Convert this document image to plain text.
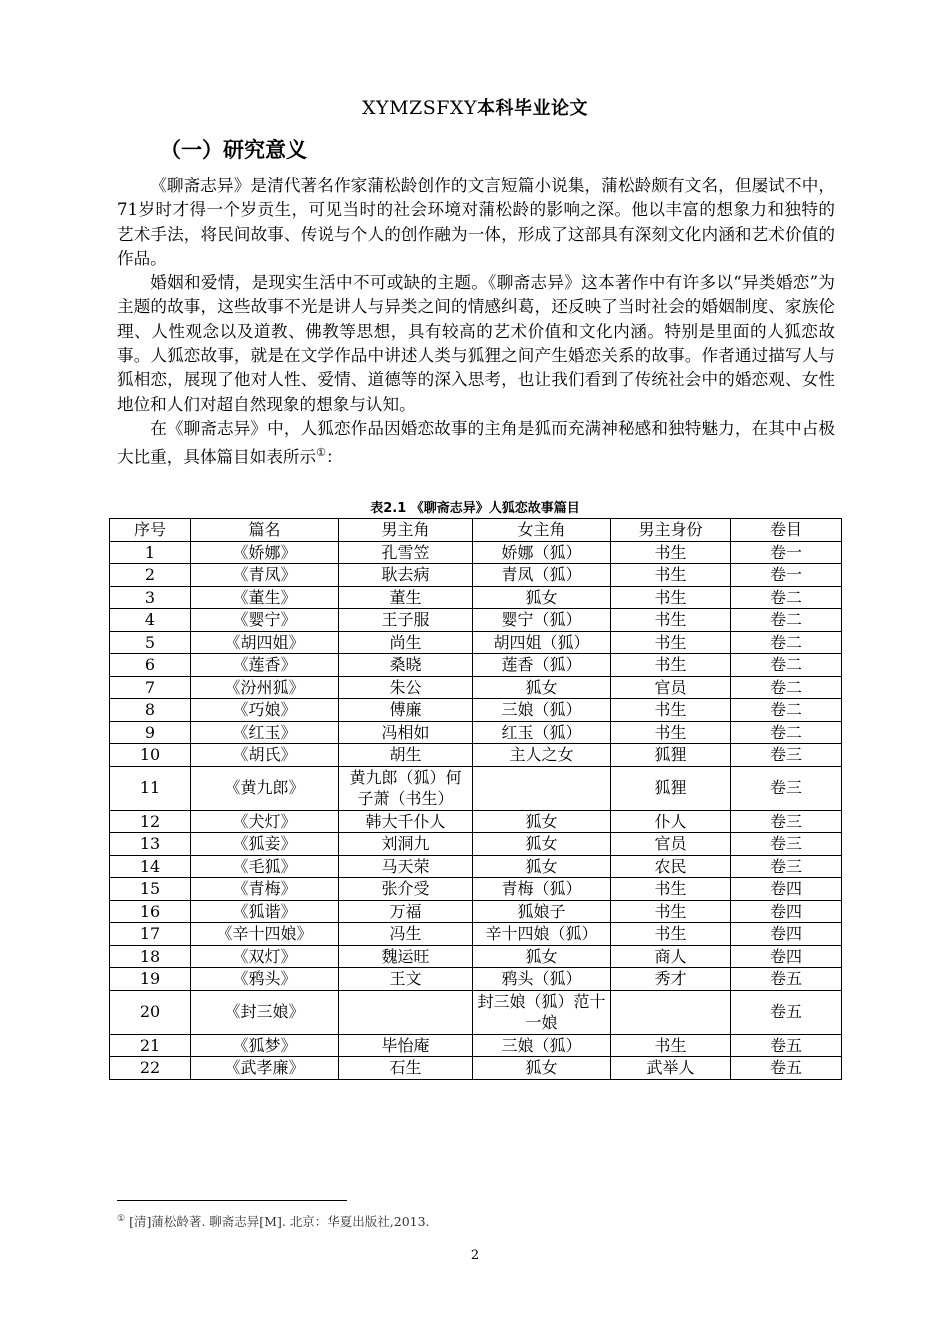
XYMZSFXY本科毕业论文
（一）研究意义

《聊斋志异》是清代著名作家蒲松龄创作的文言短篇小说集，蒲松龄颇有文名，但屡试不中，71岁时才得一个岁贡生，可见当时的社会环境对蒲松龄的影响之深。他以丰富的想象力和独特的艺术手法，将民间故事、传说与个人的创作融为一体，形成了这部具有深刻文化内涵和艺术价值的作品。

婚姻和爱情，是现实生活中不可或缺的主题。《聊斋志异》这本著作中有许多以“异类婚恋”为主题的故事，这些故事不光是讲人与异类之间的情感纠葛，还反映了当时社会的婚姻制度、家族伦理、人性观念以及道教、佛教等思想，具有较高的艺术价值和文化内涵。特别是里面的人狐恋故事。人狐恋故事，就是在文学作品中讲述人类与狐狸之间产生婚恋关系的故事。作者通过描写人与狐相恋，展现了他对人性、爱情、道德等的深入思考，也让我们看到了传统社会中的婚恋观、女性地位和人们对超自然现象的想象与认知。

在《聊斋志异》中，人狐恋作品因婚恋故事的主角是狐而充满神秘感和独特魅力，在其中占极大比重，具体篇目如表所示①：

表2.1 《聊斋志异》人狐恋故事篇目
序号	篇名	男主角	女主角	男主身份	卷目
1	《娇娜》	孔雪笠	娇娜（狐）	书生	卷一
2	《青凤》	耿去病	青凤（狐）	书生	卷一
3	《董生》	董生	狐女	书生	卷二
4	《婴宁》	王子服	婴宁（狐）	书生	卷二
5	《胡四姐》	尚生	胡四姐（狐）	书生	卷二
6	《莲香》	桑晓	莲香（狐）	书生	卷二
7	《汾州狐》	朱公	狐女	官员	卷二
8	《巧娘》	傅廉	三娘（狐）	书生	卷二
9	《红玉》	冯相如	红玉（狐）	书生	卷二
10	《胡氏》	胡生	主人之女	狐狸	卷三
11	《黄九郎》	黄九郎（狐）何子萧（书生）		狐狸	卷三
12	《犬灯》	韩大千仆人	狐女	仆人	卷三
13	《狐妾》	刘洞九	狐女	官员	卷三
14	《毛狐》	马天荣	狐女	农民	卷三
15	《青梅》	张介受	青梅（狐）	书生	卷四
16	《狐谐》	万福	狐娘子	书生	卷四
17	《辛十四娘》	冯生	辛十四娘（狐）	书生	卷四
18	《双灯》	魏运旺	狐女	商人	卷四
19	《鸦头》	王文	鸦头（狐）	秀才	卷五
20	《封三娘》		封三娘（狐）范十一娘		卷五
21	《狐梦》	毕怡庵	三娘（狐）	书生	卷五
22	《武孝廉》	石生	狐女	武举人	卷五
① [清]蒲松龄著. 聊斋志异[M]. 北京：华夏出版社,2013.
2
